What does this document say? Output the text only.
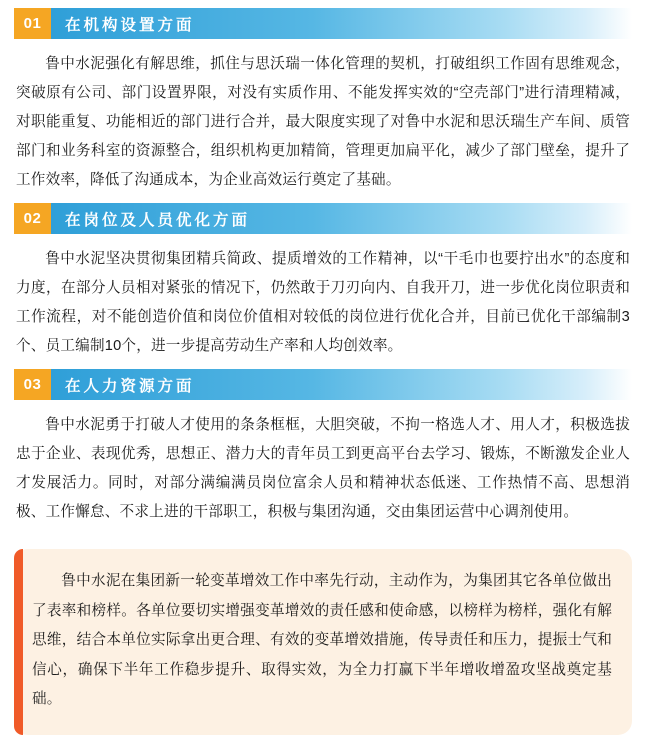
01	在机构设置方面

鲁中水泥强化有解思维，抓住与思沃瑞一体化管理的契机，打破组织工作固有思维观念，突破原有公司、部门设置界限，对没有实质作用、不能发挥实效的“空壳部门”进行清理精减，对职能重复、功能相近的部门进行合并，最大限度实现了对鲁中水泥和思沃瑞生产车间、质管部门和业务科室的资源整合，组织机构更加精简，管理更加扁平化，减少了部门壁垒，提升了工作效率，降低了沟通成本，为企业高效运行奠定了基础。

02	在岗位及人员优化方面

鲁中水泥坚决贯彻集团精兵简政、提质增效的工作精神，以“干毛巾也要拧出水”的态度和力度，在部分人员相对紧张的情况下，仍然敢于刀刃向内、自我开刀，进一步优化岗位职责和工作流程，对不能创造价值和岗位价值相对较低的岗位进行优化合并，目前已优化干部编制3个、员工编制10个，进一步提高劳动生产率和人均创效率。

03	在人力资源方面

鲁中水泥勇于打破人才使用的条条框框，大胆突破，不拘一格选人才、用人才，积极选拔忠于企业、表现优秀，思想正、潜力大的青年员工到更高平台去学习、锻炼，不断激发企业人才发展活力。同时，对部分满编满员岗位富余人员和精神状态低迷、工作热情不高、思想消极、工作懈怠、不求上进的干部职工，积极与集团沟通，交由集团运营中心调剂使用。

鲁中水泥在集团新一轮变革增效工作中率先行动，主动作为，为集团其它各单位做出了表率和榜样。各单位要切实增强变革增效的责任感和使命感，以榜样为榜样，强化有解思维，结合本单位实际拿出更合理、有效的变革增效措施，传导责任和压力，提振士气和信心，确保下半年工作稳步提升、取得实效，为全力打赢下半年增收增盈攻坚战奠定基础。
